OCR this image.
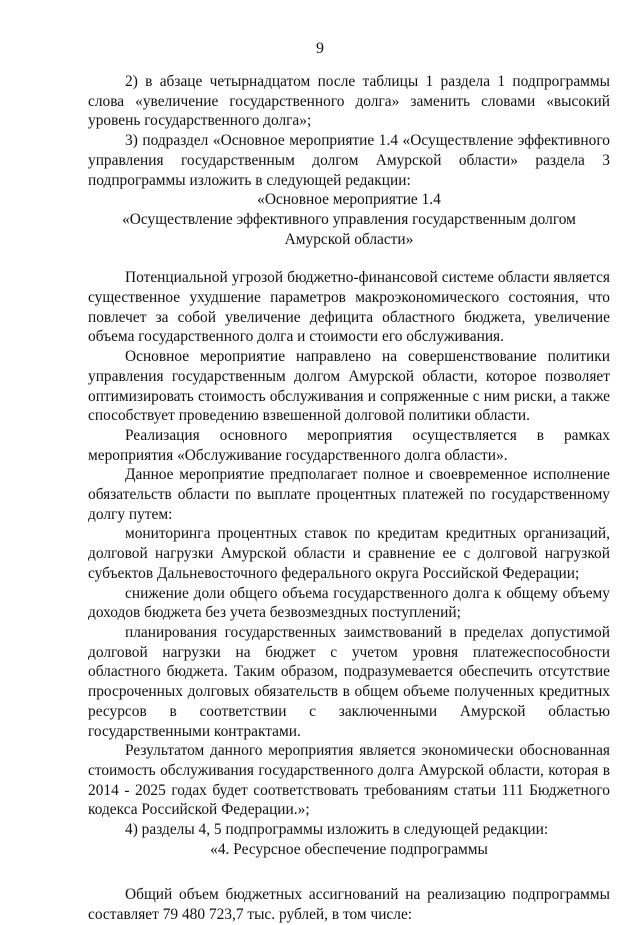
9

2) в абзаце четырнадцатом после таблицы 1 раздела 1 подпрограммы слова «увеличение государственного долга» заменить словами «высокий уровень государственного долга»;

3) подраздел «Основное мероприятие 1.4 «Осуществление эффективного управления государственным долгом Амурской области» раздела 3 подпрограммы изложить в следующей редакции:

«Основное мероприятие 1.4

«Осуществление эффективного управления государственным долгом Амурской области»

Потенциальной угрозой бюджетно-финансовой системе области является существенное ухудшение параметров макроэкономического состояния, что повлечет за собой увеличение дефицита областного бюджета, увеличение объема государственного долга и стоимости его обслуживания.

Основное мероприятие направлено на совершенствование политики управления государственным долгом Амурской области, которое позволяет оптимизировать стоимость обслуживания и сопряженные с ним риски, а также способствует проведению взвешенной долговой политики области.

Реализация основного мероприятия осуществляется в рамках мероприятия «Обслуживание государственного долга области».

Данное мероприятие предполагает полное и своевременное исполнение обязательств области по выплате процентных платежей по государственному долгу путем:

мониторинга процентных ставок по кредитам кредитных организаций, долговой нагрузки Амурской области и сравнение ее с долговой нагрузкой субъектов Дальневосточного федерального округа Российской Федерации;

снижение доли общего объема государственного долга к общему объему доходов бюджета без учета безвозмездных поступлений;

планирования государственных заимствований в пределах допустимой долговой нагрузки на бюджет с учетом уровня платежеспособности областного бюджета. Таким образом, подразумевается обеспечить отсутствие просроченных долговых обязательств в общем объеме полученных кредитных ресурсов в соответствии с заключенными Амурской областью государственными контрактами.

Результатом данного мероприятия является экономически обоснованная стоимость обслуживания государственного долга Амурской области, которая в 2014 - 2025 годах будет соответствовать требованиям статьи 111 Бюджетного кодекса Российской Федерации.»;

4) разделы 4, 5 подпрограммы изложить в следующей редакции:

«4. Ресурсное обеспечение подпрограммы

Общий объем бюджетных ассигнований на реализацию подпрограммы составляет 79 480 723,7 тыс. рублей, в том числе:
